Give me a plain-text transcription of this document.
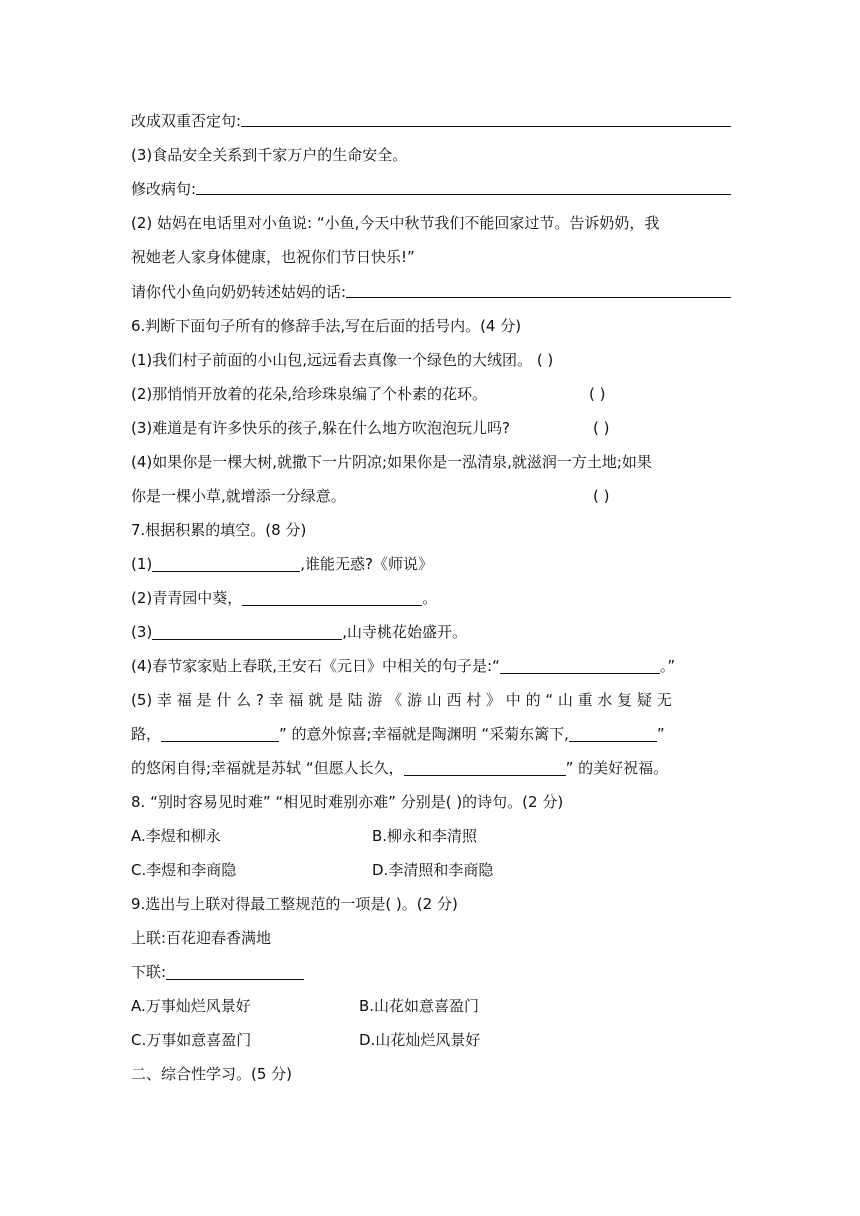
改成双重否定句:
(3)食品安全关系到千家万户的生命安全。
修改病句:
(2) 姑妈在电话里对小鱼说: “小鱼,今天中秋节我们不能回家过节。告诉奶奶，我
祝她老人家身体健康，也祝你们节日快乐!”
请你代小鱼向奶奶转述姑妈的话:
6.判断下面句子所有的修辞手法,写在后面的括号内。(4 分)
(1)我们村子前面的小山包,远远看去真像一个绿色的大绒团。 ( )
(2)那悄悄开放着的花朵,给珍珠泉编了个朴素的花环。	( )
(3)难道是有许多快乐的孩子,躲在什么地方吹泡泡玩儿吗?	( )
(4)如果你是一棵大树,就撒下一片阴凉;如果你是一泓清泉,就滋润一方土地;如果
你是一棵小草,就增添一分绿意。	( )
7.根据积累的填空。(8 分)
(1)	,谁能无惑?《师说》
(2)青青园中葵，	。
(3)	,山寺桃花始盛开。
(4)春节家家贴上春联,王安石《元日》中相关的句子是:“	。”
(5) 幸 福 是 什 么 ? 幸 福 就 是 陆 游 《 游 山 西 村 》 中 的 “ 山 重 水 复 疑 无
路，	” 的意外惊喜;幸福就是陶渊明 “采菊东篱下,	”
的悠闲自得;幸福就是苏轼 “但愿人长久，	” 的美好祝福。
8. “别时容易见时难” “相见时难别亦难” 分别是( )的诗句。(2 分)
A.李煜和柳永	B.柳永和李清照
C.李煜和李商隐	D.李清照和李商隐
9.选出与上联对得最工整规范的一项是( )。(2 分)
上联:百花迎春香满地
下联:
A.万事灿烂风景好	B.山花如意喜盈门
C.万事如意喜盈门	D.山花灿烂风景好
二、综合性学习。(5 分)
